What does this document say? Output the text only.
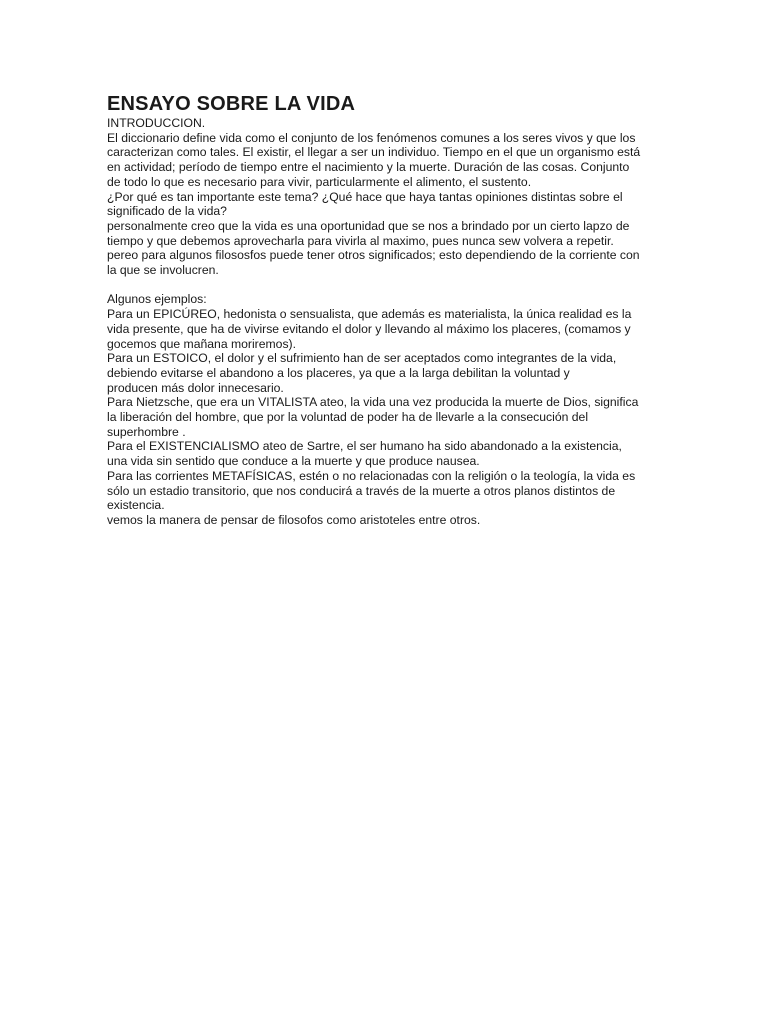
ENSAYO SOBRE LA VIDA
INTRODUCCION.
El diccionario define vida como el conjunto de los fenómenos comunes a los seres vivos y que los
caracterizan como tales. El existir, el llegar a ser un individuo. Tiempo en el que un organismo está
en actividad; período de tiempo entre el nacimiento y la muerte. Duración de las cosas. Conjunto
de todo lo que es necesario para vivir, particularmente el alimento, el sustento.
¿Por qué es tan importante este tema? ¿Qué hace que haya tantas opiniones distintas sobre el
significado de la vida?
personalmente creo que la vida es una oportunidad que se nos a brindado por un cierto lapzo de
tiempo y que debemos aprovecharla para vivirla al maximo, pues nunca sew volvera a repetir.
pereo para algunos filososfos puede tener otros significados; esto dependiendo de la corriente con
la que se involucren.
Algunos ejemplos:
Para un EPICÚREO, hedonista o sensualista, que además es materialista, la única realidad es la
vida presente, que ha de vivirse evitando el dolor y llevando al máximo los placeres, (comamos y
gocemos que mañana moriremos).
Para un ESTOICO, el dolor y el sufrimiento han de ser aceptados como integrantes de la vida,
debiendo evitarse el abandono a los placeres, ya que a la larga debilitan la voluntad y
producen más dolor innecesario.
Para Nietzsche, que era un VITALISTA ateo, la vida una vez producida la muerte de Dios, significa
la liberación del hombre, que por la voluntad de poder ha de llevarle a la consecución del
superhombre .
Para el EXISTENCIALISMO ateo de Sartre, el ser humano ha sido abandonado a la existencia,
una vida sin sentido que conduce a la muerte y que produce nausea.
Para las corrientes METAFÍSICAS, estén o no relacionadas con la religión o la teología, la vida es
sólo un estadio transitorio, que nos conducirá a través de la muerte a otros planos distintos de
existencia.
vemos la manera de pensar de filosofos como aristoteles entre otros.
